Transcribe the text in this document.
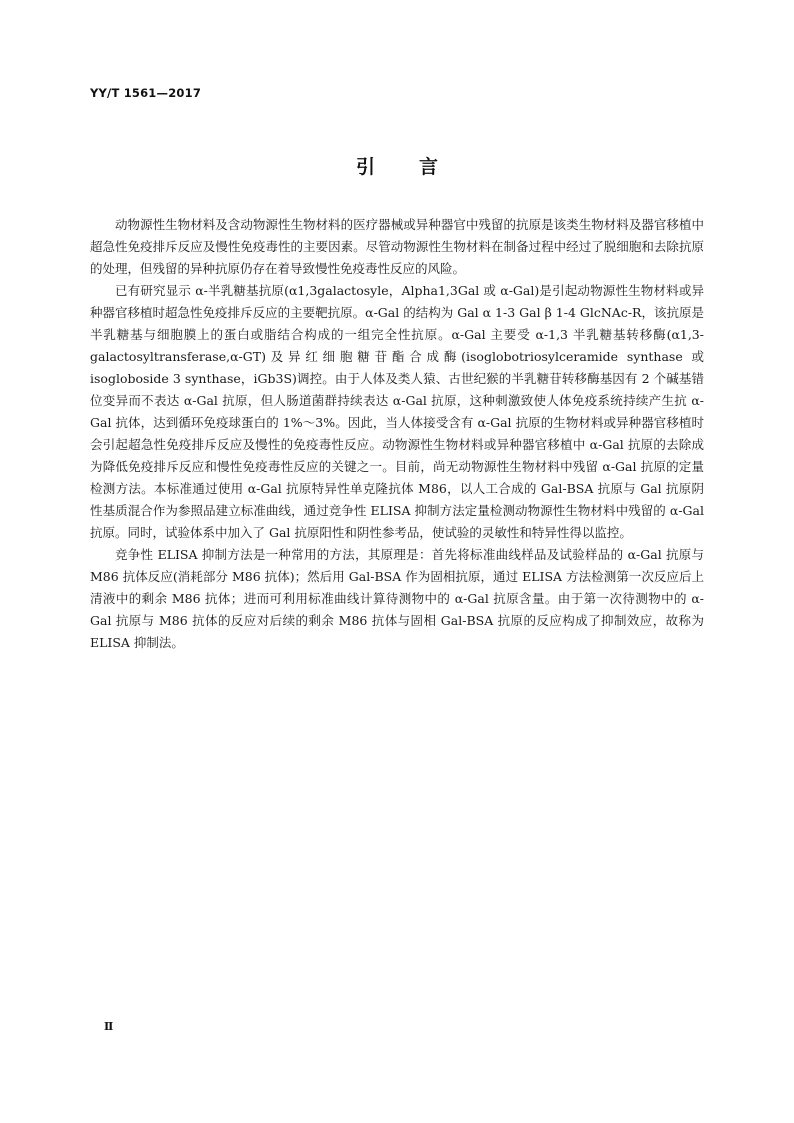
YY/T 1561—2017
引言

动物源性生物材料及含动物源性生物材料的医疗器械或异种器官中残留的抗原是该类生物材料及器官移植中超急性免疫排斥反应及慢性免疫毒性的主要因素。尽管动物源性生物材料在制备过程中经过了脱细胞和去除抗原的处理，但残留的异种抗原仍存在着导致慢性免疫毒性反应的风险。

已有研究显示 α-半乳糖基抗原(α1,3galactosyle，Alpha1,3Gal 或 α-Gal)是引起动物源性生物材料或异种器官移植时超急性免疫排斥反应的主要靶抗原。α-Gal 的结构为 Gal α 1-3 Gal β 1-4 GlcNAc-R，该抗原是半乳糖基与细胞膜上的蛋白或脂结合构成的一组完全性抗原。α-Gal 主要受 α-1,3 半乳糖基转移酶(α1,3-galactosyltransferase,α-GT)及异红细胞糖苷酯合成酶(isoglobotriosylceramide synthase 或 isogloboside 3 synthase，iGb3S)调控。由于人体及类人猿、古世纪猴的半乳糖苷转移酶基因有 2 个碱基错位变异而不表达 α-Gal 抗原，但人肠道菌群持续表达 α-Gal 抗原，这种刺激致使人体免疫系统持续产生抗 α-Gal 抗体，达到循环免疫球蛋白的 1%～3%。因此，当人体接受含有 α-Gal 抗原的生物材料或异种器官移植时会引起超急性免疫排斥反应及慢性的免疫毒性反应。动物源性生物材料或异种器官移植中 α-Gal 抗原的去除成为降低免疫排斥反应和慢性免疫毒性反应的关键之一。目前，尚无动物源性生物材料中残留 α-Gal 抗原的定量检测方法。本标准通过使用 α-Gal 抗原特异性单克隆抗体 M86，以人工合成的 Gal-BSA 抗原与 Gal 抗原阴性基质混合作为参照品建立标准曲线，通过竞争性 ELISA 抑制方法定量检测动物源性生物材料中残留的 α-Gal 抗原。同时，试验体系中加入了 Gal 抗原阳性和阴性参考品，使试验的灵敏性和特异性得以监控。

竞争性 ELISA 抑制方法是一种常用的方法，其原理是：首先将标准曲线样品及试验样品的 α-Gal 抗原与 M86 抗体反应(消耗部分 M86 抗体)；然后用 Gal-BSA 作为固相抗原，通过 ELISA 方法检测第一次反应后上清液中的剩余 M86 抗体；进而可利用标准曲线计算待测物中的 α-Gal 抗原含量。由于第一次待测物中的 α-Gal 抗原与 M86 抗体的反应对后续的剩余 M86 抗体与固相 Gal-BSA 抗原的反应构成了抑制效应，故称为 ELISA 抑制法。

Ⅱ
